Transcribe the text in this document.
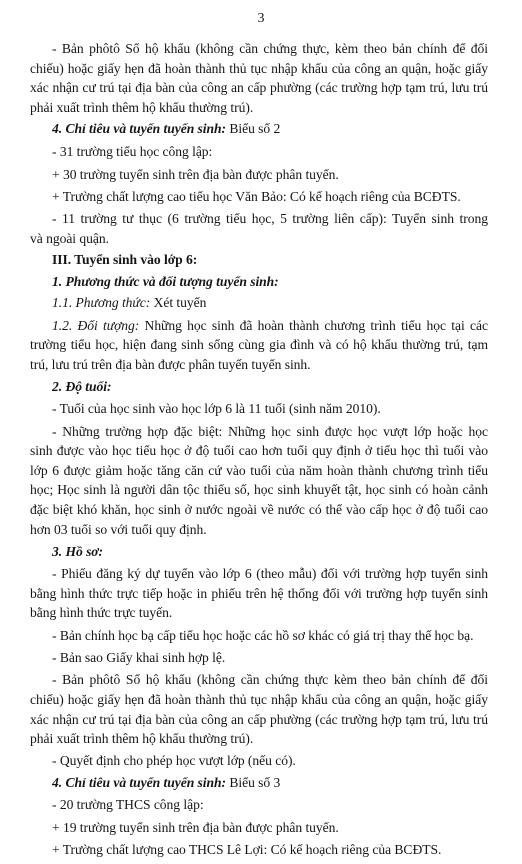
3
- Bản phôtô Sổ hộ khẩu (không cần chứng thực, kèm theo bản chính để đối
chiếu) hoặc giấy hẹn đã hoàn thành thủ tục nhập khẩu của công an quận, hoặc giấy
xác nhận cư trú tại địa bàn của công an cấp phường (các trường hợp tạm trú, lưu trú
phải xuất trình thêm hộ khẩu thường trú).
4. Chỉ tiêu và tuyển tuyển sinh: Biểu số 2
- 31 trường tiểu học công lập:
+ 30 trường tuyển sinh trên địa bàn được phân tuyến.
+ Trường chất lượng cao tiểu học Văn Bảo: Có kế hoạch riêng của BCĐTS.
- 11 trường tư thục (6 trường tiểu học, 5 trường liên cấp): Tuyển sinh trong
và ngoài quận.
III. Tuyển sinh vào lớp 6:
1. Phương thức và đối tượng tuyển sinh:
1.1. Phương thức: Xét tuyển
1.2. Đối tượng: Những học sinh đã hoàn thành chương trình tiểu học tại các
trường tiểu học, hiện đang sinh sống cùng gia đình và có hộ khẩu thường trú, tạm
trú, lưu trú trên địa bàn được phân tuyến tuyển sinh.
2. Độ tuổi:
- Tuổi của học sinh vào học lớp 6 là 11 tuổi (sinh năm 2010).
- Những trường hợp đặc biệt: Những học sinh được học vượt lớp hoặc học
sinh được vào học tiểu học ở độ tuổi cao hơn tuổi quy định ở tiểu học thì tuổi vào
lớp 6 được giảm hoặc tăng căn cứ vào tuổi của năm hoàn thành chương trình tiểu
học; Học sinh là người dân tộc thiểu số, học sinh khuyết tật, học sinh có hoàn cảnh
đặc biệt khó khăn, học sinh ở nước ngoài về nước có thể vào cấp học ở độ tuổi cao
hơn 03 tuổi so với tuổi quy định.
3. Hồ sơ:
- Phiếu đăng ký dự tuyển vào lớp 6 (theo mẫu) đối với trường hợp tuyển sinh
bằng hình thức trực tiếp hoặc in phiếu trên hệ thống đối với trường hợp tuyển sinh
bằng hình thức trực tuyến.
- Bản chính học bạ cấp tiểu học hoặc các hồ sơ khác có giá trị thay thế học bạ.
- Bản sao Giấy khai sinh hợp lệ.
- Bản phôtô Sổ hộ khẩu (không cần chứng thực kèm theo bản chính để đối
chiếu) hoặc giấy hẹn đã hoàn thành thủ tục nhập khẩu của công an quận, hoặc giấy
xác nhận cư trú tại địa bàn của công an cấp phường (các trường hợp tạm trú, lưu trú
phải xuất trình thêm hộ khẩu thường trú).
- Quyết định cho phép học vượt lớp (nếu có).
4. Chỉ tiêu và tuyển tuyển sinh: Biểu số 3
- 20 trường THCS công lập:
+ 19 trường tuyển sinh trên địa bàn được phân tuyến.
+ Trường chất lượng cao THCS Lê Lợi: Có kế hoạch riêng của BCĐTS.
